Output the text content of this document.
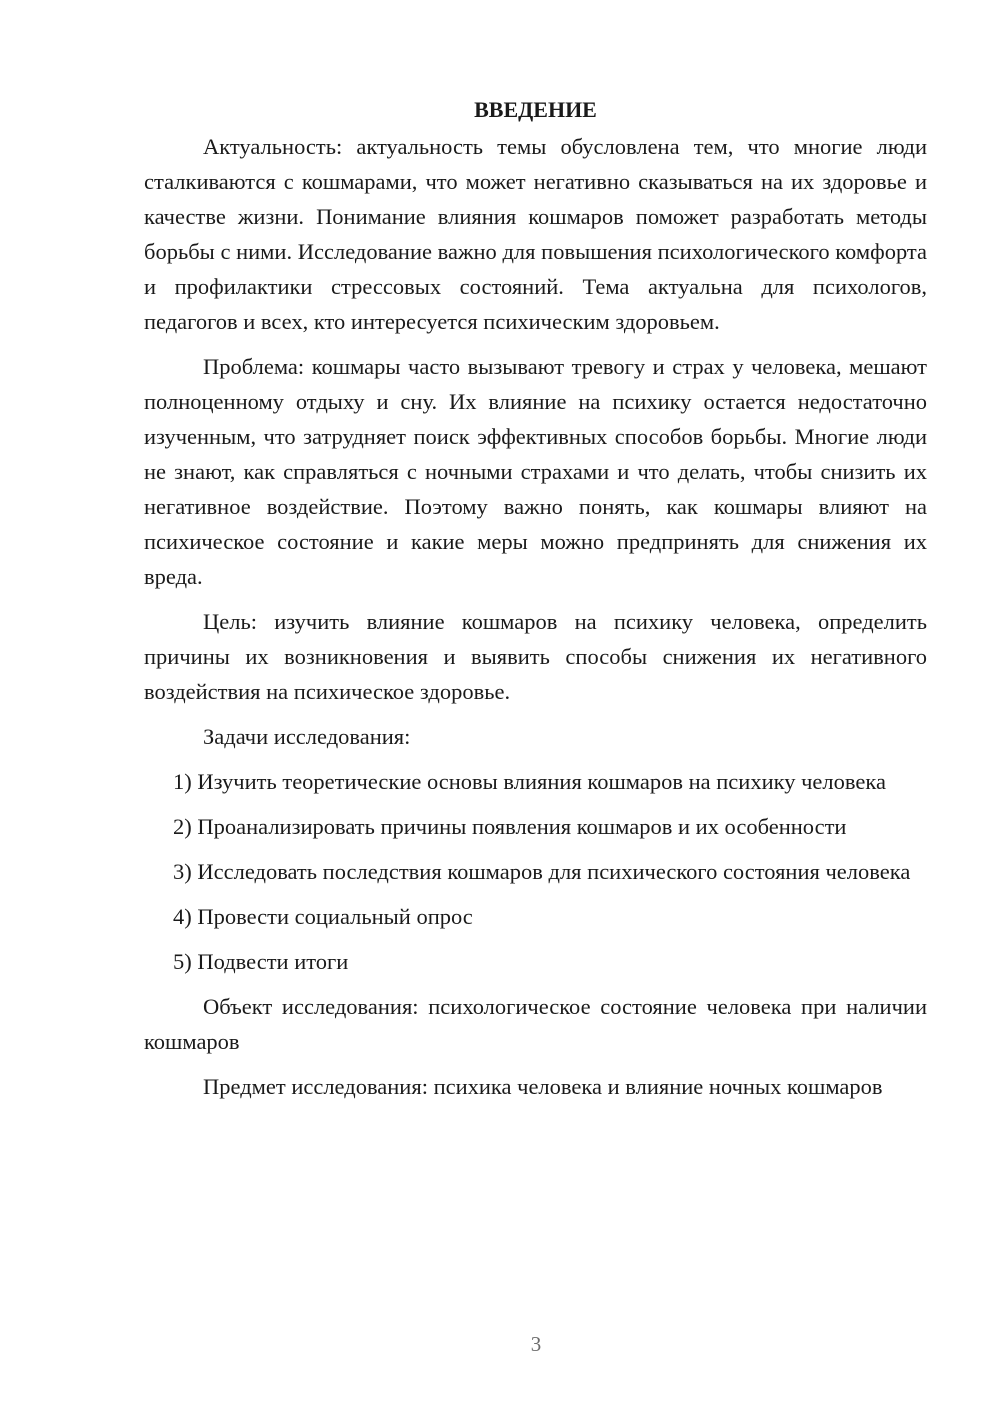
ВВЕДЕНИЕ

Актуальность: актуальность темы обусловлена тем, что многие люди сталкиваются с кошмарами, что может негативно сказываться на их здоровье и качестве жизни. Понимание влияния кошмаров поможет разработать методы борьбы с ними. Исследование важно для повышения психологического комфорта и профилактики стрессовых состояний. Тема актуальна для психологов, педагогов и всех, кто интересуется психическим здоровьем.

Проблема: кошмары часто вызывают тревогу и страх у человека, мешают полноценному отдыху и сну. Их влияние на психику остается недостаточно изученным, что затрудняет поиск эффективных способов борьбы. Многие люди не знают, как справляться с ночными страхами и что делать, чтобы снизить их негативное воздействие. Поэтому важно понять, как кошмары влияют на психическое состояние и какие меры можно предпринять для снижения их вреда.

Цель: изучить влияние кошмаров на психику человека, определить причины их возникновения и выявить способы снижения их негативного воздействия на психическое здоровье.

Задачи исследования:

1) Изучить теоретические основы влияния кошмаров на психику человека

2) Проанализировать причины появления кошмаров и их особенности

3) Исследовать последствия кошмаров для психического состояния человека

4) Провести социальный опрос

5) Подвести итоги

Объект исследования: психологическое состояние человека при наличии кошмаров

Предмет исследования: психика человека и влияние ночных кошмаров

3
